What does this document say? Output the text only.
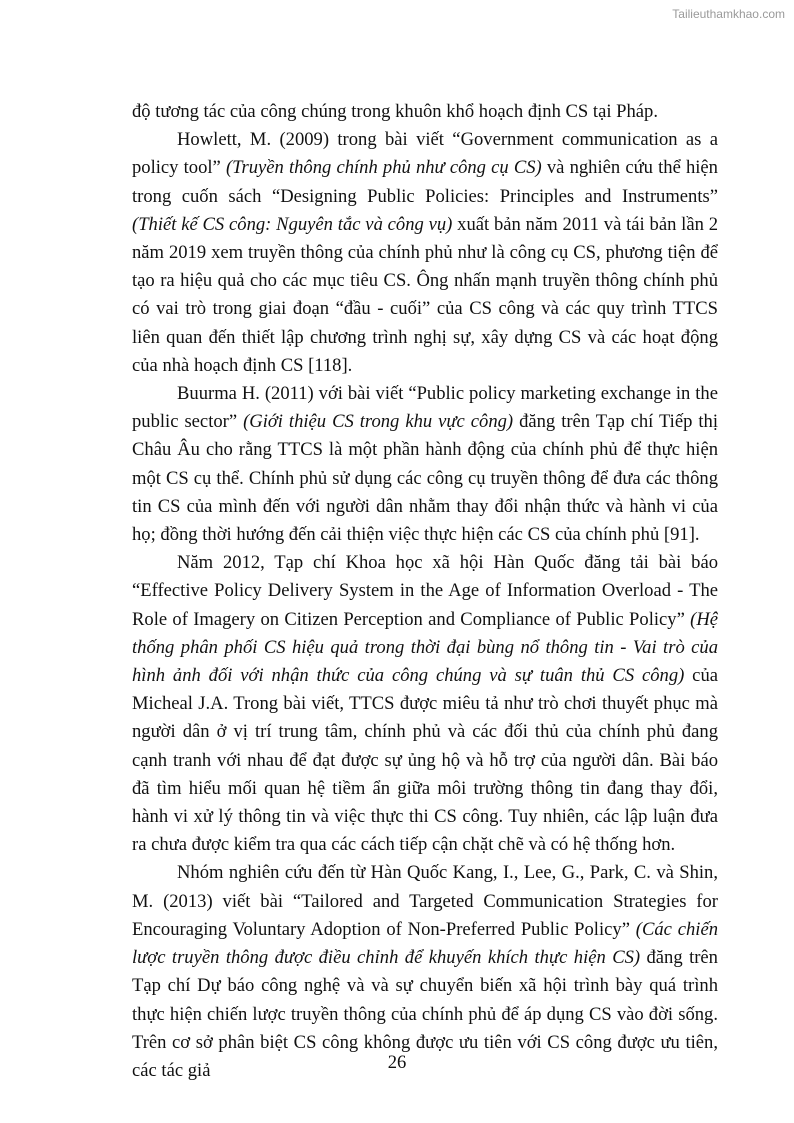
Tailieuthamkhao.com

độ tương tác của công chúng trong khuôn khổ hoạch định CS tại Pháp.

Howlett, M. (2009) trong bài viết “Government communication as a policy tool” (Truyền thông chính phủ như công cụ CS) và nghiên cứu thể hiện trong cuốn sách “Designing Public Policies: Principles and Instruments” (Thiết kế CS công: Nguyên tắc và công vụ) xuất bản năm 2011 và tái bản lần 2 năm 2019 xem truyền thông của chính phủ như là công cụ CS, phương tiện để tạo ra hiệu quả cho các mục tiêu CS. Ông nhấn mạnh truyền thông chính phủ có vai trò trong giai đoạn “đầu - cuối” của CS công và các quy trình TTCS liên quan đến thiết lập chương trình nghị sự, xây dựng CS và các hoạt động của nhà hoạch định CS [118].

Buurma H. (2011) với bài viết “Public policy marketing exchange in the public sector” (Giới thiệu CS trong khu vực công) đăng trên Tạp chí Tiếp thị Châu Âu cho rằng TTCS là một phần hành động của chính phủ để thực hiện một CS cụ thể. Chính phủ sử dụng các công cụ truyền thông để đưa các thông tin CS của mình đến với người dân nhằm thay đổi nhận thức và hành vi của họ; đồng thời hướng đến cải thiện việc thực hiện các CS của chính phủ [91].

Năm 2012, Tạp chí Khoa học xã hội Hàn Quốc đăng tải bài báo “Effective Policy Delivery System in the Age of Information Overload - The Role of Imagery on Citizen Perception and Compliance of Public Policy” (Hệ thống phân phối CS hiệu quả trong thời đại bùng nổ thông tin - Vai trò của hình ảnh đối với nhận thức của công chúng và sự tuân thủ CS công) của Micheal J.A. Trong bài viết, TTCS được miêu tả như trò chơi thuyết phục mà người dân ở vị trí trung tâm, chính phủ và các đối thủ của chính phủ đang cạnh tranh với nhau để đạt được sự ủng hộ và hỗ trợ của người dân. Bài báo đã tìm hiểu mối quan hệ tiềm ẩn giữa môi trường thông tin đang thay đổi, hành vi xử lý thông tin và việc thực thi CS công. Tuy nhiên, các lập luận đưa ra chưa được kiểm tra qua các cách tiếp cận chặt chẽ và có hệ thống hơn.

Nhóm nghiên cứu đến từ Hàn Quốc Kang, I., Lee, G., Park, C. và Shin, M. (2013) viết bài “Tailored and Targeted Communication Strategies for Encouraging Voluntary Adoption of Non-Preferred Public Policy” (Các chiến lược truyền thông được điều chỉnh để khuyến khích thực hiện CS) đăng trên Tạp chí Dự báo công nghệ và và sự chuyển biến xã hội trình bày quá trình thực hiện chiến lược truyền thông của chính phủ để áp dụng CS vào đời sống. Trên cơ sở phân biệt CS công không được ưu tiên với CS công được ưu tiên, các tác giả	26
